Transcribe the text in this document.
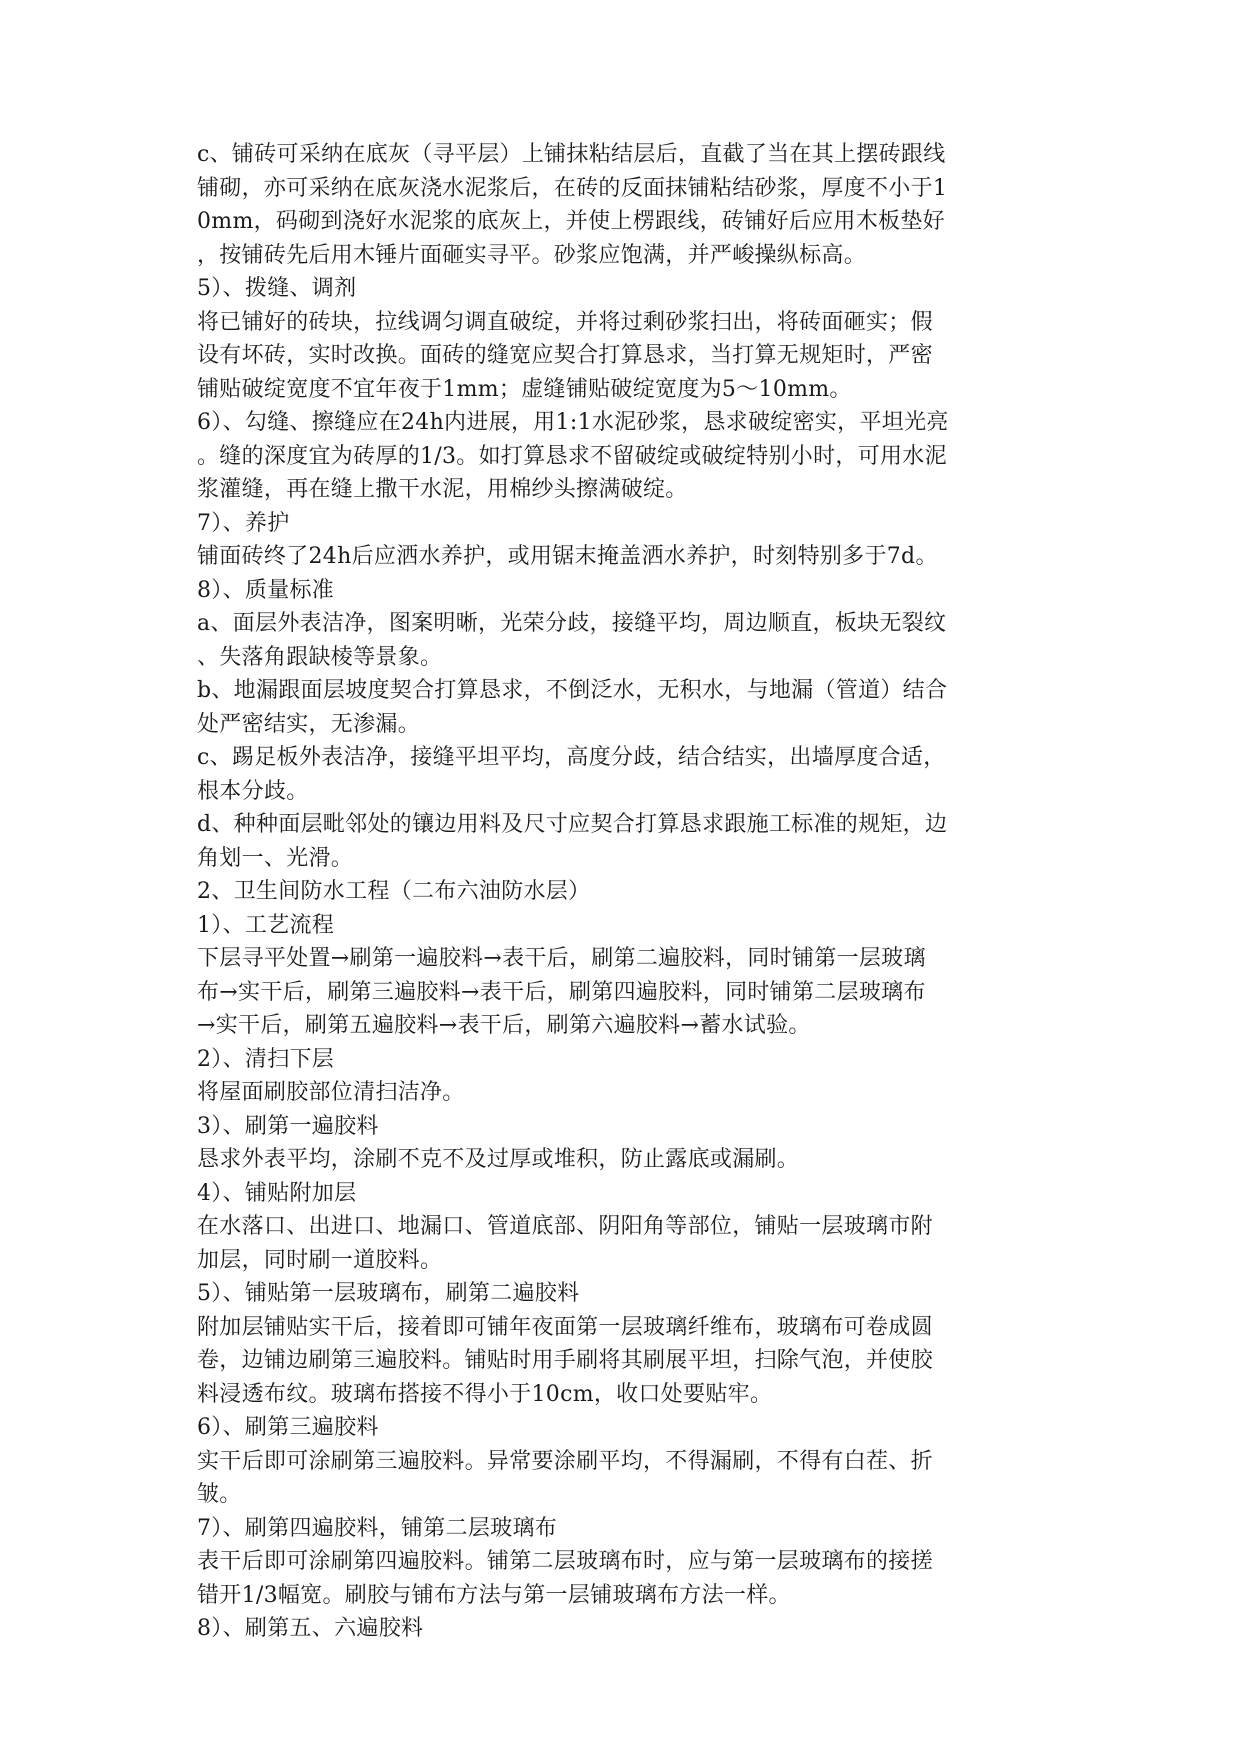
c、铺砖可采纳在底灰（寻平层）上铺抹粘结层后，直截了当在其上摆砖跟线
铺砌，亦可采纳在底灰浇水泥浆后，在砖的反面抹铺粘结砂浆，厚度不小于1
0mm，码砌到浇好水泥浆的底灰上，并使上楞跟线，砖铺好后应用木板垫好
，按铺砖先后用木锤片面砸实寻平。砂浆应饱满，并严峻操纵标高。
5）、拨缝、调剂
将已铺好的砖块，拉线调匀调直破绽，并将过剩砂浆扫出，将砖面砸实；假
设有坏砖，实时改换。面砖的缝宽应契合打算恳求，当打算无规矩时，严密
铺贴破绽宽度不宜年夜于1mm；虚缝铺贴破绽宽度为5～10mm。
6）、勾缝、擦缝应在24h内进展，用1:1水泥砂浆，恳求破绽密实，平坦光亮
。缝的深度宜为砖厚的1/3。如打算恳求不留破绽或破绽特别小时，可用水泥
浆灌缝，再在缝上撒干水泥，用棉纱头擦满破绽。
7）、养护
铺面砖终了24h后应洒水养护，或用锯末掩盖洒水养护，时刻特别多于7d。
8）、质量标准
a、面层外表洁净，图案明晰，光荣分歧，接缝平均，周边顺直，板块无裂纹
、失落角跟缺棱等景象。
b、地漏跟面层坡度契合打算恳求，不倒泛水，无积水，与地漏（管道）结合
处严密结实，无渗漏。
c、踢足板外表洁净，接缝平坦平均，高度分歧，结合结实，出墙厚度合适，
根本分歧。
d、种种面层毗邻处的镶边用料及尺寸应契合打算恳求跟施工标准的规矩，边
角划一、光滑。
2、卫生间防水工程（二布六油防水层）
1）、工艺流程
下层寻平处置→刷第一遍胶料→表干后，刷第二遍胶料，同时铺第一层玻璃
布→实干后，刷第三遍胶料→表干后，刷第四遍胶料，同时铺第二层玻璃布
→实干后，刷第五遍胶料→表干后，刷第六遍胶料→蓄水试验。
2）、清扫下层
将屋面刷胶部位清扫洁净。
3）、刷第一遍胶料
恳求外表平均，涂刷不克不及过厚或堆积，防止露底或漏刷。
4）、铺贴附加层
在水落口、出进口、地漏口、管道底部、阴阳角等部位，铺贴一层玻璃市附
加层，同时刷一道胶料。
5）、铺贴第一层玻璃布，刷第二遍胶料
附加层铺贴实干后，接着即可铺年夜面第一层玻璃纤维布，玻璃布可卷成圆
卷，边铺边刷第三遍胶料。铺贴时用手刷将其刷展平坦，扫除气泡，并使胶
料浸透布纹。玻璃布搭接不得小于10cm，收口处要贴牢。
6）、刷第三遍胶料
实干后即可涂刷第三遍胶料。异常要涂刷平均，不得漏刷，不得有白茬、折
皱。
7）、刷第四遍胶料，铺第二层玻璃布
表干后即可涂刷第四遍胶料。铺第二层玻璃布时，应与第一层玻璃布的接搓
错开1/3幅宽。刷胶与铺布方法与第一层铺玻璃布方法一样。
8）、刷第五、六遍胶料
